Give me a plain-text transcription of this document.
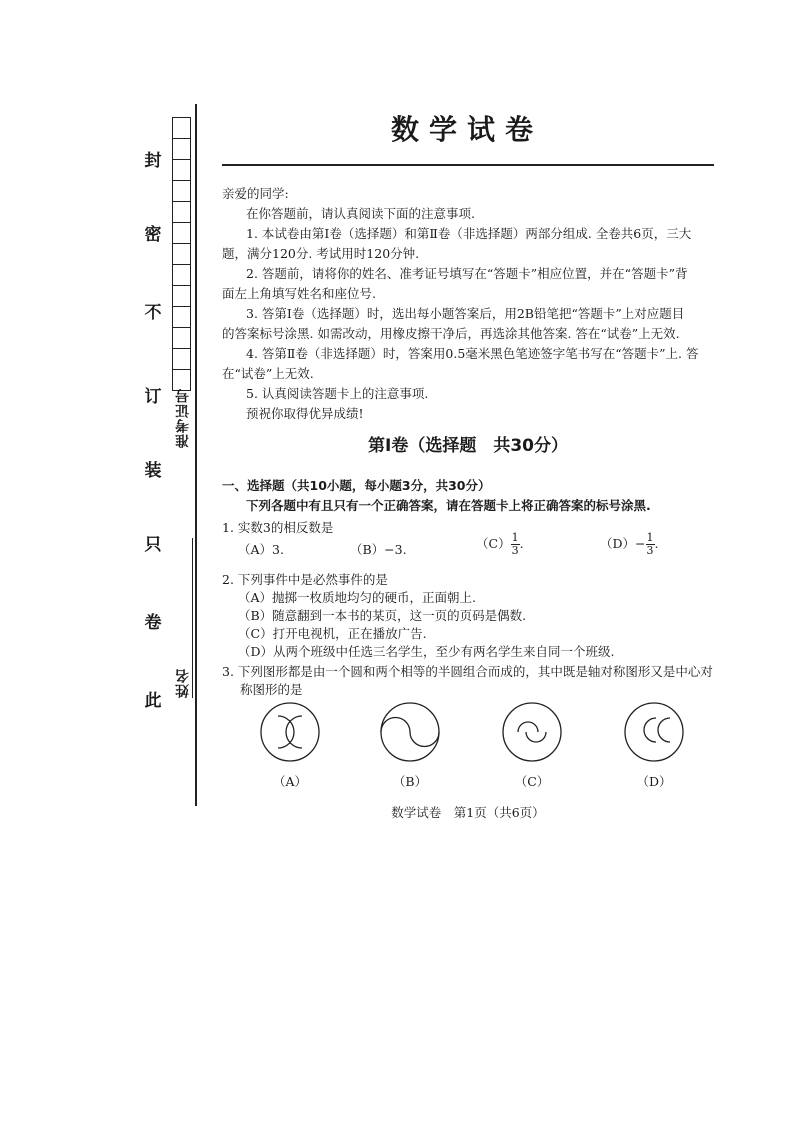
封
密
不
订
装
只
卷
此
准考证号
姓名
数学试卷
亲爱的同学:
在你答题前，请认真阅读下面的注意事项.
1. 本试卷由第Ⅰ卷（选择题）和第Ⅱ卷（非选择题）两部分组成. 全卷共6页，三大
题，满分120分. 考试用时120分钟.
2. 答题前，请将你的姓名、准考证号填写在“答题卡”相应位置，并在“答题卡”背
面左上角填写姓名和座位号.
3. 答第Ⅰ卷（选择题）时，选出每小题答案后，用2B铅笔把“答题卡”上对应题目
的答案标号涂黑. 如需改动，用橡皮擦干净后，再选涂其他答案. 答在“试卷”上无效.
4. 答第Ⅱ卷（非选择题）时，答案用0.5毫米黑色笔迹签字笔书写在“答题卡”上. 答
在“试卷”上无效.
5. 认真阅读答题卡上的注意事项.
预祝你取得优异成绩!
第Ⅰ卷（选择题　共30分）
一、选择题（共10小题，每小题3分，共30分）
下列各题中有且只有一个正确答案，请在答题卡上将正确答案的标号涂黑.
1. 实数3的相反数是
（A）3.	（B）−3.	$(C) \frac{1}{3}$ .	$(D)- \frac{1}{3}$ .
2. 下列事件中是必然事件的是
（A）抛掷一枚质地均匀的硬币，正面朝上.
（B）随意翻到一本书的某页，这一页的页码是偶数.
（C）打开电视机，正在播放广告.
（D）从两个班级中任选三名学生，至少有两名学生来自同一个班级.
3. 下列图形都是由一个圆和两个相等的半圆组合而成的，其中既是轴对称图形又是中心对
称图形的是
（A）	（B）	（C）	（D）
数学试卷　第1页（共6页）
